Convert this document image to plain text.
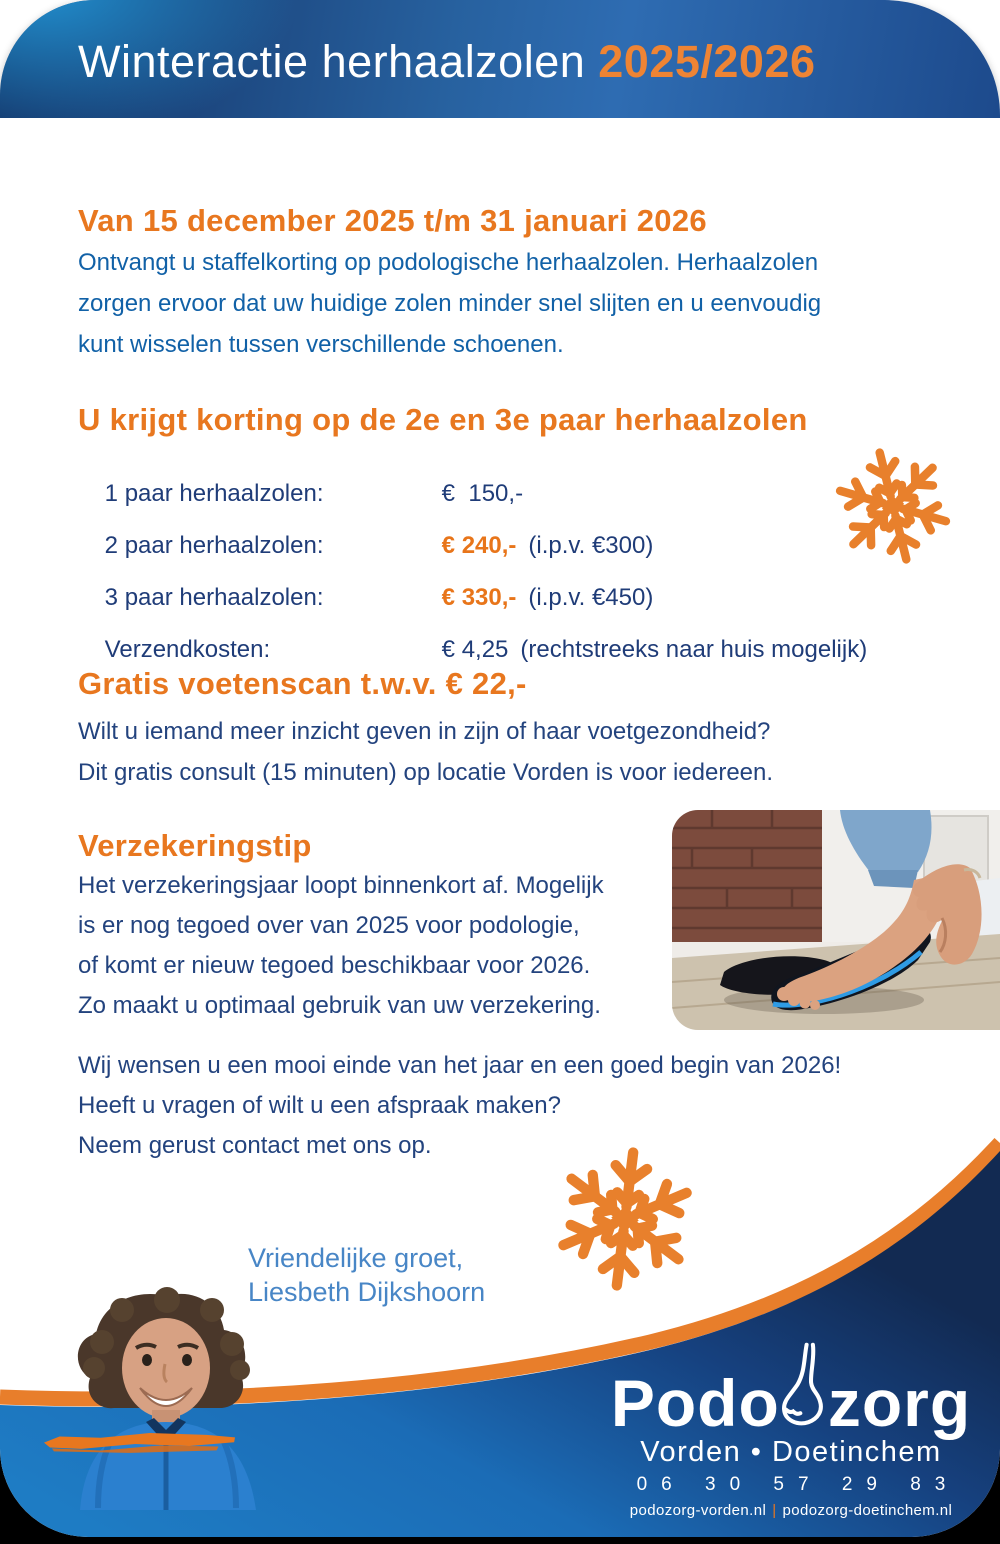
Winteractie herhaalzolen 2025/2026
Van 15 december 2025 t/m 31 januari 2026
Ontvangt u staffelkorting op podologische herhaalzolen. Herhaalzolen
zorgen ervoor dat uw huidige zolen minder snel slijten en u eenvoudig
kunt wisselen tussen verschillende schoenen.
U krijgt korting op de 2e en 3e paar herhaalzolen

1 paar herhaalzolen:	€  150,-

2 paar herhaalzolen:	€ 240,- (i.p.v. €300)

3 paar herhaalzolen:	€ 330,- (i.p.v. €450)

Verzendkosten:	€ 4,25 (rechtstreeks naar huis mogelijk)

Gratis voetenscan t.w.v. € 22,-
Wilt u iemand meer inzicht geven in zijn of haar voetgezondheid?
Dit gratis consult (15 minuten) op locatie Vorden is voor iedereen.
Verzekeringstip
Het verzekeringsjaar loopt binnenkort af. Mogelijk
is er nog tegoed over van 2025 voor podologie,
of komt er nieuw tegoed beschikbaar voor 2026.
Zo maakt u optimaal gebruik van uw verzekering.
Wij wensen u een mooi einde van het jaar en een goed begin van 2026!
Heeft u vragen of wilt u een afspraak maken?
Neem gerust contact met ons op.
Vriendelijke groet,
Liesbeth Dijkshoorn
Podo zorg
Vorden • Doetinchem
06 30 57 29 83
podozorg-vorden.nl | podozorg-doetinchem.nl
